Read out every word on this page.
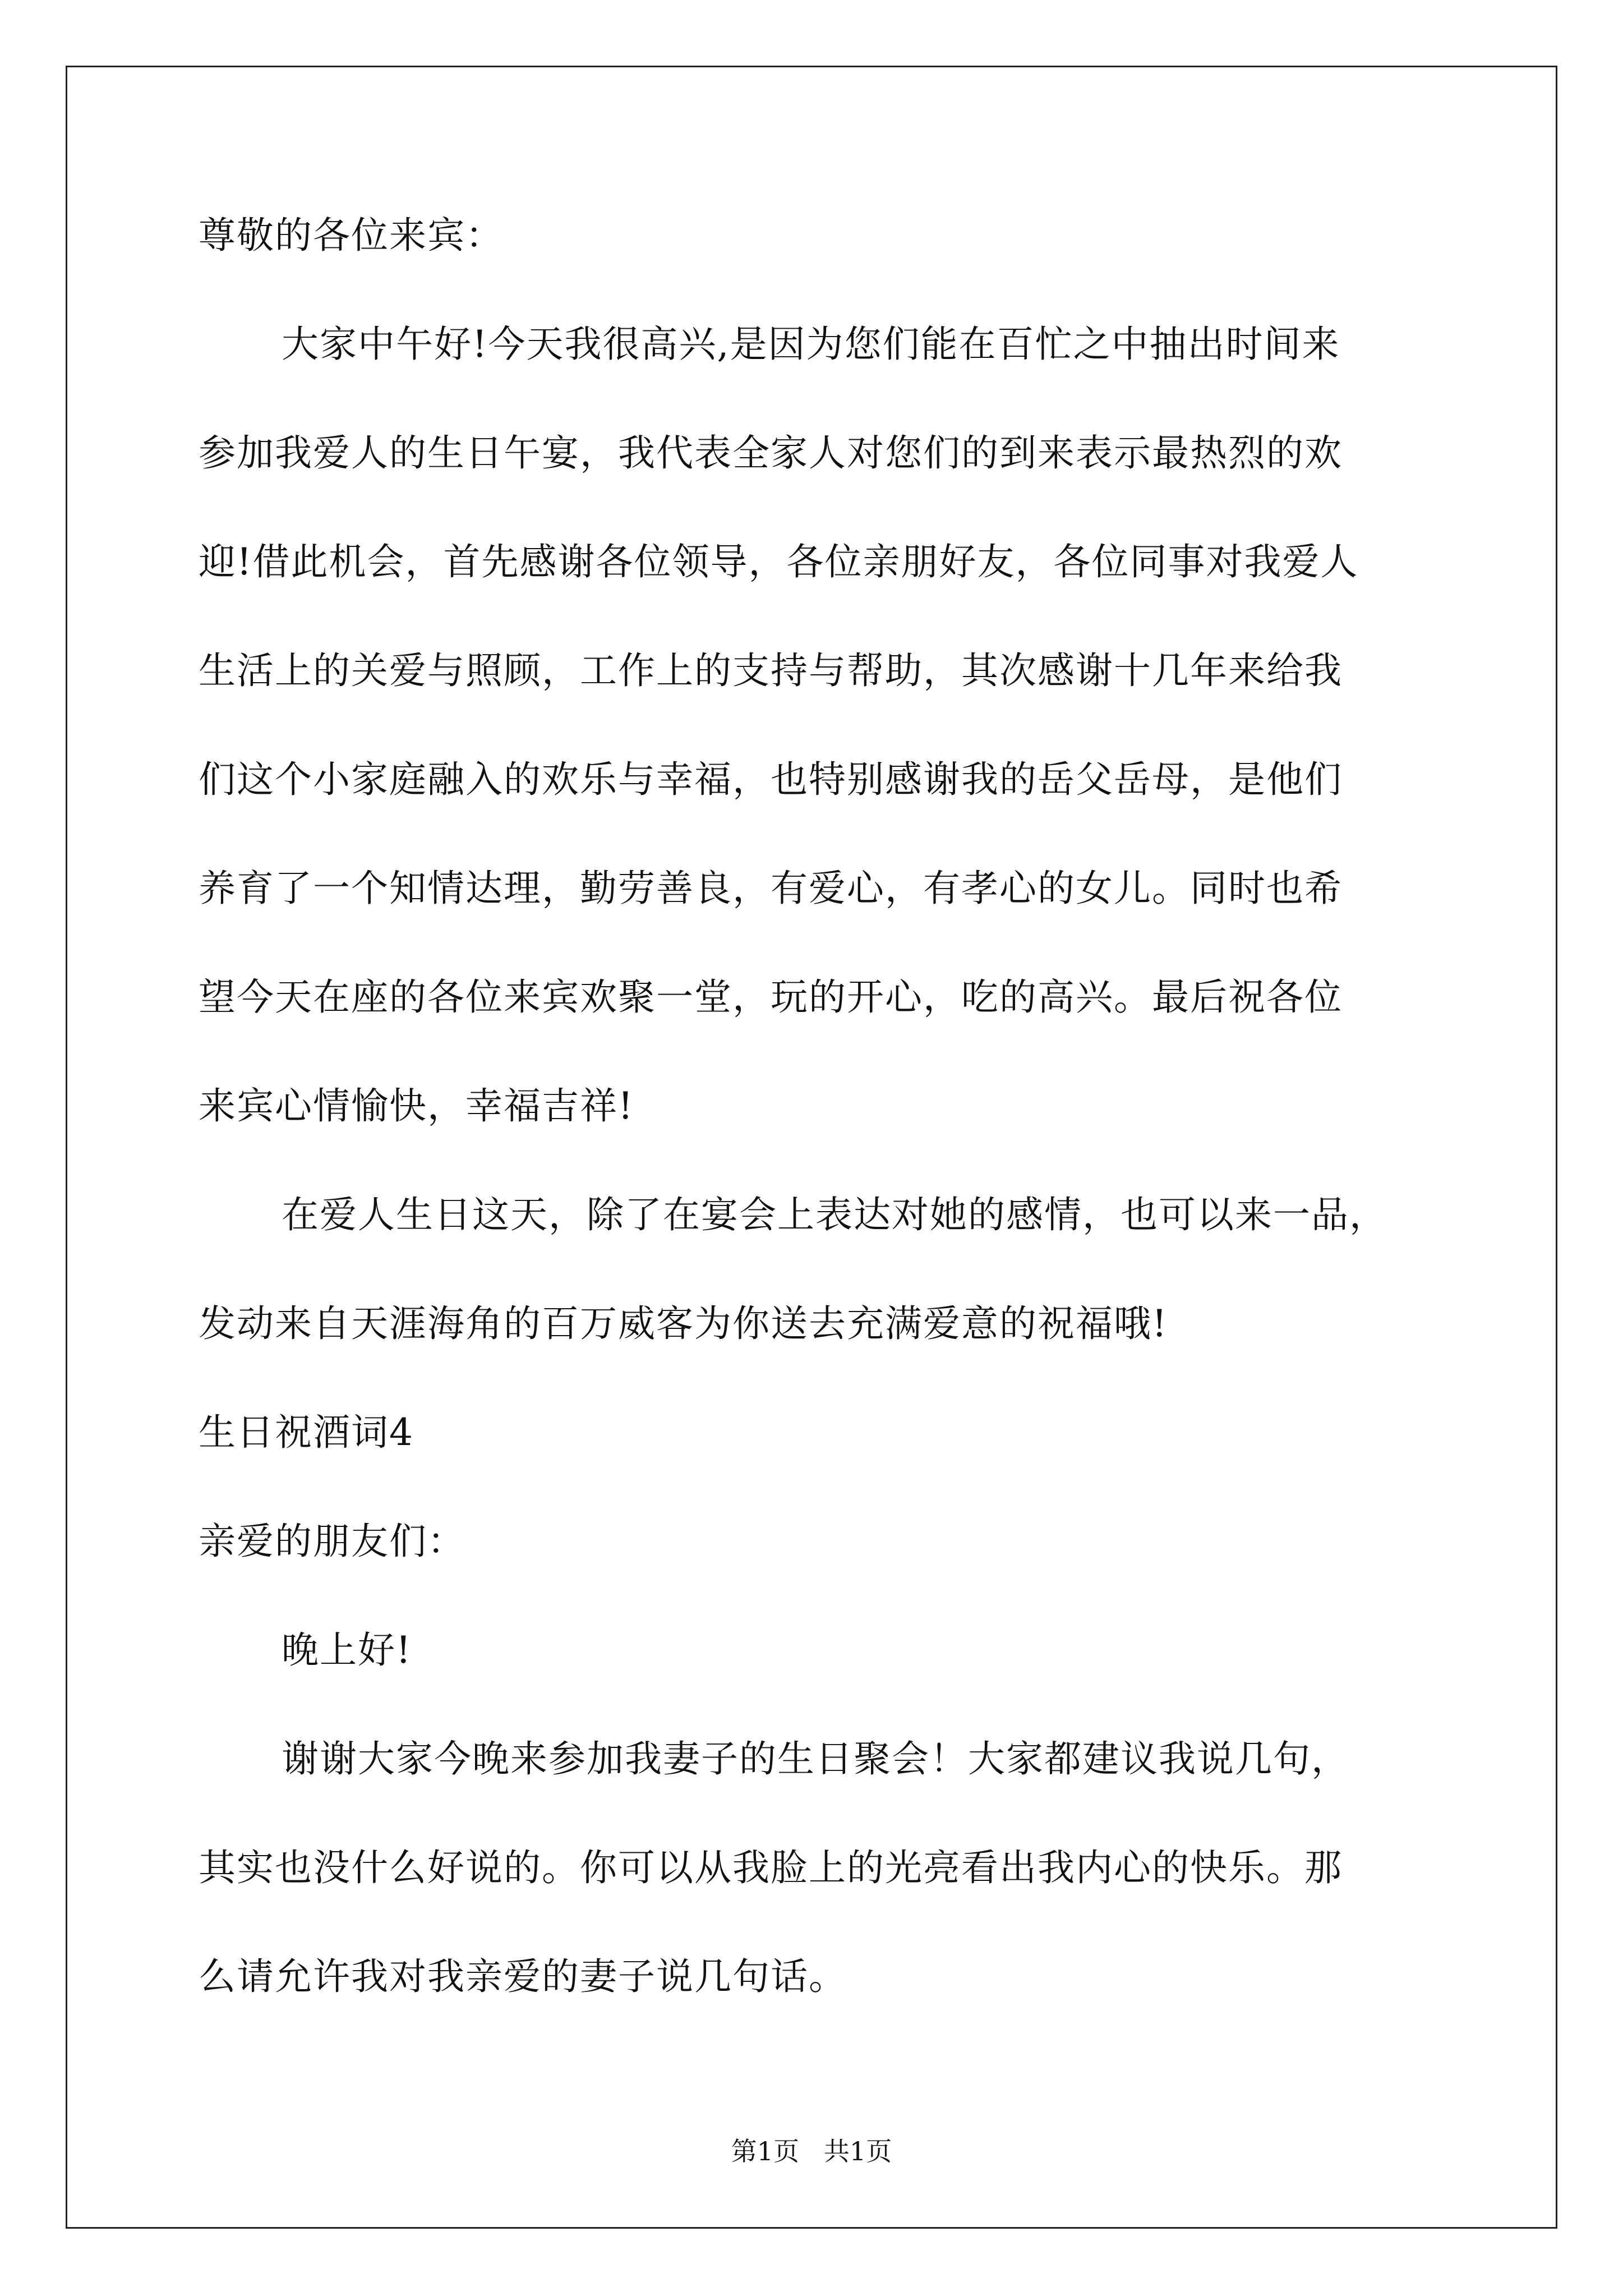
尊敬的各位来宾：
大家中午好!今天我很高兴,是因为您们能在百忙之中抽出时间来
参加我爱人的生日午宴，我代表全家人对您们的到来表示最热烈的欢
迎!借此机会，首先感谢各位领导，各位亲朋好友，各位同事对我爱人
生活上的关爱与照顾，工作上的支持与帮助，其次感谢十几年来给我
们这个小家庭融入的欢乐与幸福，也特别感谢我的岳父岳母，是他们
养育了一个知情达理，勤劳善良，有爱心，有孝心的女儿。同时也希
望今天在座的各位来宾欢聚一堂，玩的开心，吃的高兴。最后祝各位
来宾心情愉快，幸福吉祥!
在爱人生日这天，除了在宴会上表达对她的感情，也可以来一品，
发动来自天涯海角的百万威客为你送去充满爱意的祝福哦!
生日祝酒词4
亲爱的朋友们：
晚上好!
谢谢大家今晚来参加我妻子的生日聚会！大家都建议我说几句，
其实也没什么好说的。你可以从我脸上的光亮看出我内心的快乐。那
么请允许我对我亲爱的妻子说几句话。
第1页   共1页
